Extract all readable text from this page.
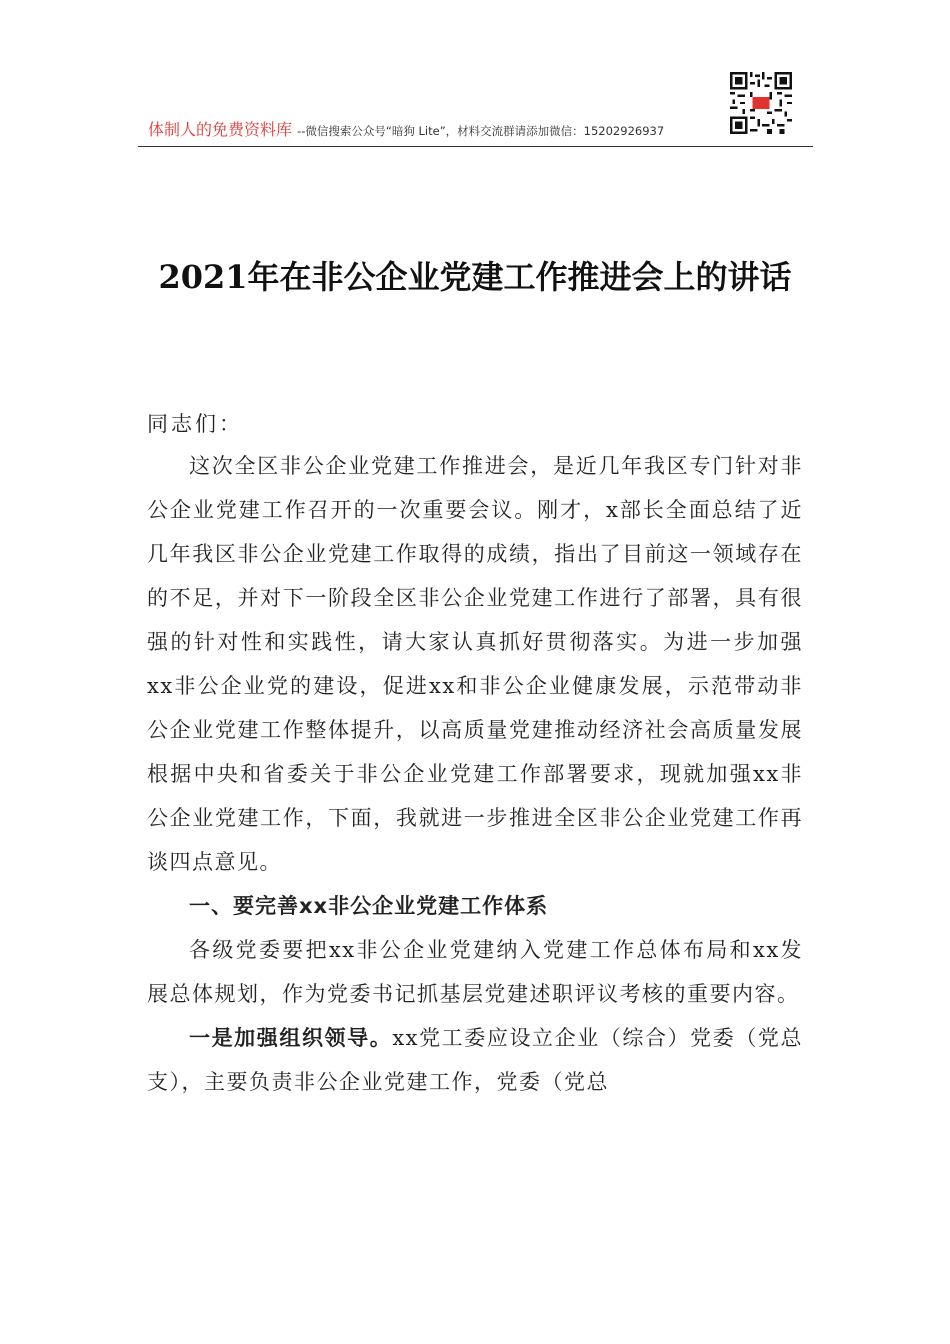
体制人的免费资料库 --微信搜索公众号“暗狗 Lite”，材料交流群请添加微信：15202926937
2021年在非公企业党建工作推进会上的讲话
同志们：

这次全区非公企业党建工作推进会，是近几年我区专门针对非公企业党建工作召开的一次重要会议。刚才，x部长全面总结了近几年我区非公企业党建工作取得的成绩，指出了目前这一领域存在的不足，并对下一阶段全区非公企业党建工作进行了部署，具有很强的针对性和实践性，请大家认真抓好贯彻落实。为进一步加强xx非公企业党的建设，促进xx和非公企业健康发展，示范带动非公企业党建工作整体提升，以高质量党建推动经济社会高质量发展根据中央和省委关于非公企业党建工作部署要求，现就加强xx非公企业党建工作，下面，我就进一步推进全区非公企业党建工作再谈四点意见。

一、要完善xx非公企业党建工作体系

各级党委要把xx非公企业党建纳入党建工作总体布局和xx发展总体规划，作为党委书记抓基层党建述职评议考核的重要内容。

一是加强组织领导。xx党工委应设立企业（综合）党委（党总支），主要负责非公企业党建工作，党委（党总
